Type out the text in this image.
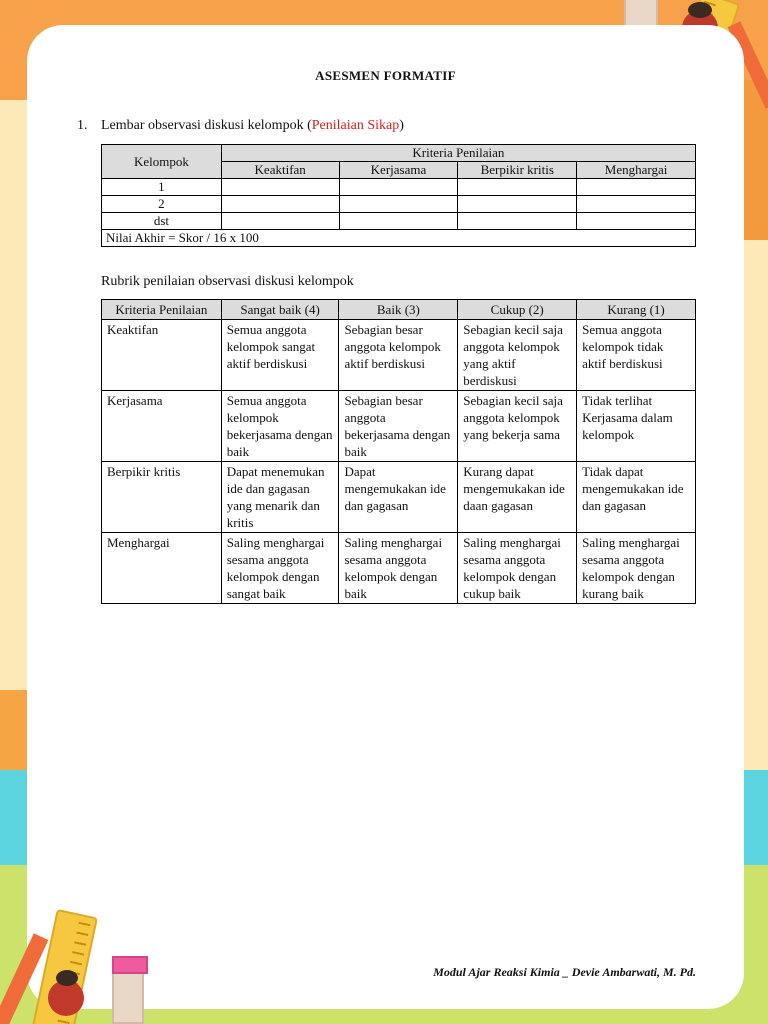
ASESMEN FORMATIF
1. Lembar observasi diskusi kelompok (Penilaian Sikap)
Kelompok	Kriteria Penilaian			
	Keaktifan	Kerjasama	Berpikir kritis	Menghargai
1				
2				
dst				
Nilai Akhir = Skor / 16 x 100				
Rubrik penilaian observasi diskusi kelompok
Kriteria Penilaian	Sangat baik (4)	Baik (3)	Cukup (2)	Kurang (1)
Keaktifan	Semua anggota kelompok sangat aktif berdiskusi	Sebagian besar anggota kelompok aktif berdiskusi	Sebagian kecil saja anggota kelompok yang aktif berdiskusi	Semua anggota kelompok tidak aktif berdiskusi
Kerjasama	Semua anggota kelompok bekerjasama dengan baik	Sebagian besar anggota bekerjasama dengan baik	Sebagian kecil saja anggota kelompok yang bekerja sama	Tidak terlihat Kerjasama dalam kelompok
Berpikir kritis	Dapat menemukan ide dan gagasan yang menarik dan kritis	Dapat mengemukakan ide dan gagasan	Kurang dapat mengemukakan ide daan gagasan	Tidak dapat mengemukakan ide dan gagasan
Menghargai	Saling menghargai sesama anggota kelompok dengan sangat baik	Saling menghargai sesama anggota kelompok dengan baik	Saling menghargai sesama anggota kelompok dengan cukup baik	Saling menghargai sesama anggota kelompok dengan kurang baik
Modul Ajar Reaksi Kimia _ Devie Ambarwati, M. Pd.
